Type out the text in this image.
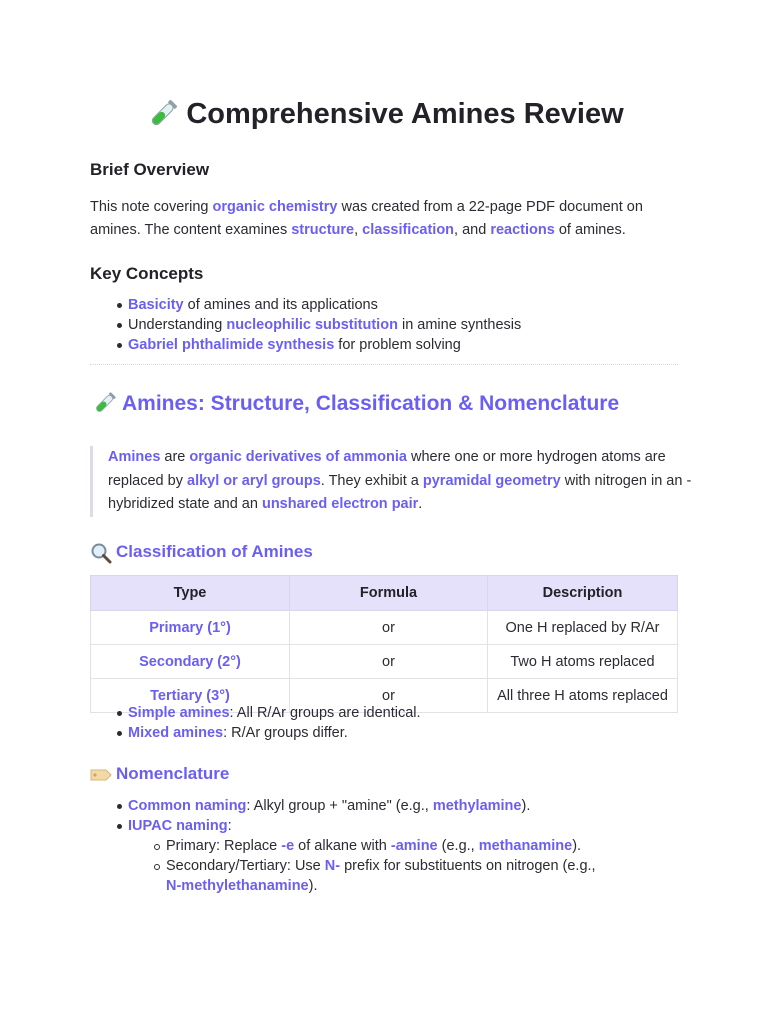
Comprehensive Amines Review
Brief Overview
This note covering organic chemistry was created from a 22-page PDF document on amines. The content examines structure, classification, and reactions of amines.
Key Concepts
Basicity of amines and its applications
Understanding nucleophilic substitution in amine synthesis
Gabriel phthalimide synthesis for problem solving
Amines: Structure, Classification & Nomenclature
Amines are organic derivatives of ammonia where one or more hydrogen atoms are replaced by alkyl or aryl groups. They exhibit a pyramidal geometry with nitrogen in an -hybridized state and an unshared electron pair.
Classification of Amines
Type	Formula	Description
Primary (1°)	or	One H replaced by R/Ar
Secondary (2°)	or	Two H atoms replaced
Tertiary (3°)	or	All three H atoms replaced
Simple amines: All R/Ar groups are identical.
Mixed amines: R/Ar groups differ.
Nomenclature
Common naming: Alkyl group + "amine" (e.g., methylamine).
IUPAC naming:
Primary: Replace -e of alkane with -amine (e.g., methanamine).
Secondary/Tertiary: Use N- prefix for substituents on nitrogen (e.g., N-methylethanamine).
